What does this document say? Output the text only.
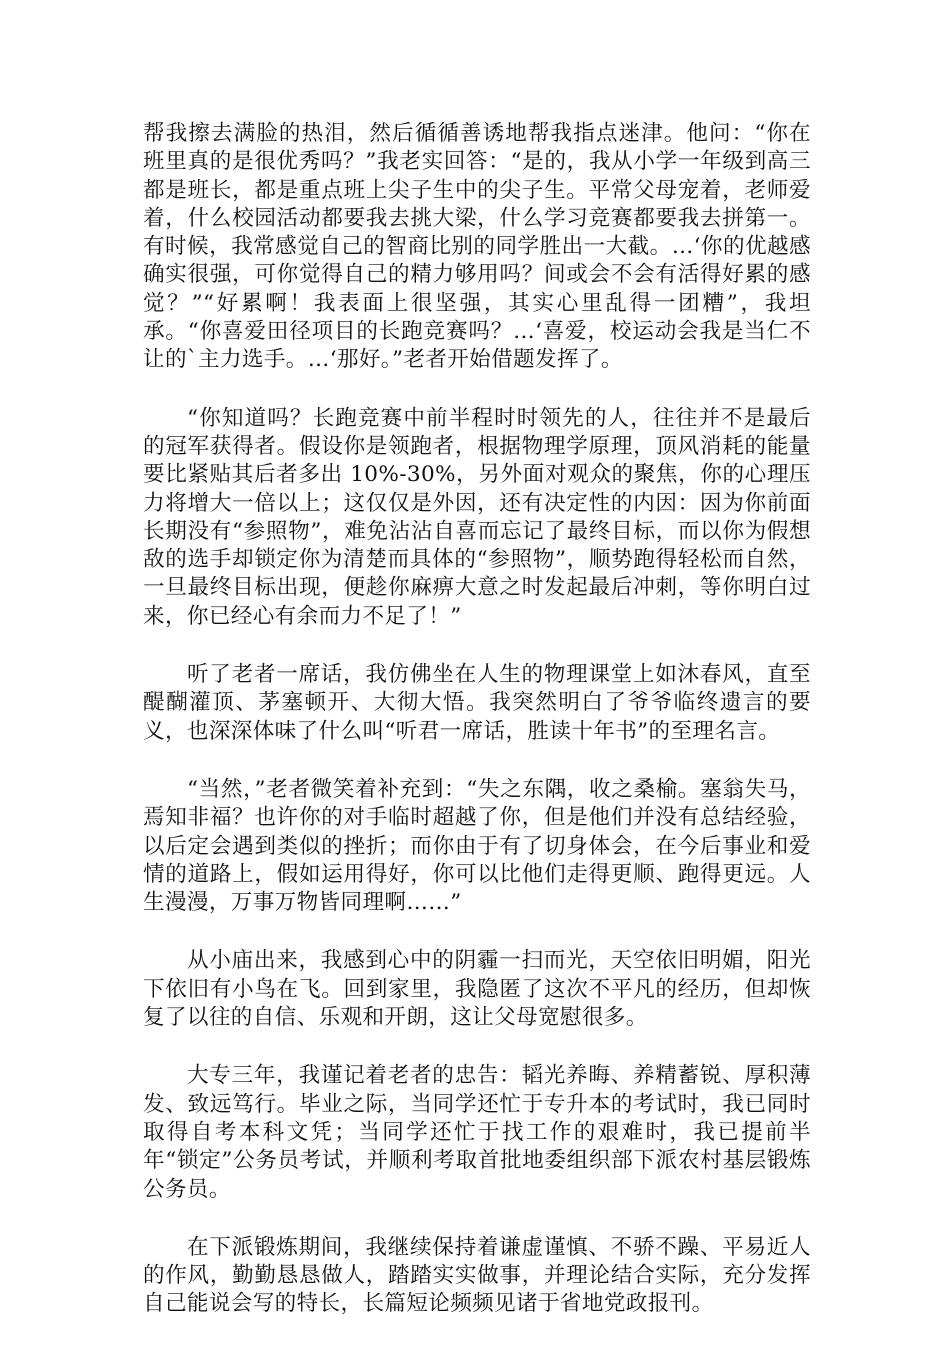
帮我擦去满脸的热泪，然后循循善诱地帮我指点迷津。他问：“你在班里真的是很优秀吗？”我老实回答：“是的，我从小学一年级到高三都是班长，都是重点班上尖子生中的尖子生。平常父母宠着，老师爱着，什么校园活动都要我去挑大梁，什么学习竞赛都要我去拼第一。有时候，我常感觉自己的智商比别的同学胜出一大截。…‘你的优越感确实很强，可你觉得自己的精力够用吗？间或会不会有活得好累的感觉？”“好累啊！我表面上很坚强，其实心里乱得一团糟”，我坦承。“你喜爱田径项目的长跑竞赛吗？…‘喜爱，校运动会我是当仁不让的`主力选手。…‘那好。”老者开始借题发挥了。

“你知道吗？长跑竞赛中前半程时时领先的人，往往并不是最后的冠军获得者。假设你是领跑者，根据物理学原理，顶风消耗的能量要比紧贴其后者多出 10%-30%，另外面对观众的聚焦，你的心理压力将增大一倍以上；这仅仅是外因，还有决定性的内因：因为你前面长期没有“参照物”，难免沾沾自喜而忘记了最终目标，而以你为假想敌的选手却锁定你为清楚而具体的“参照物”，顺势跑得轻松而自然，一旦最终目标出现，便趁你麻痹大意之时发起最后冲刺，等你明白过来，你已经心有余而力不足了！”

听了老者一席话，我仿佛坐在人生的物理课堂上如沐春风，直至醍醐灌顶、茅塞顿开、大彻大悟。我突然明白了爷爷临终遗言的要义，也深深体味了什么叫“听君一席话，胜读十年书”的至理名言。

“当然，”老者微笑着补充到：“失之东隅，收之桑榆。塞翁失马，焉知非福？也许你的对手临时超越了你，但是他们并没有总结经验，以后定会遇到类似的挫折；而你由于有了切身体会，在今后事业和爱情的道路上，假如运用得好，你可以比他们走得更顺、跑得更远。人生漫漫，万事万物皆同理啊……”

从小庙出来，我感到心中的阴霾一扫而光，天空依旧明媚，阳光下依旧有小鸟在飞。回到家里，我隐匿了这次不平凡的经历，但却恢复了以往的自信、乐观和开朗，这让父母宽慰很多。

大专三年，我谨记着老者的忠告：韬光养晦、养精蓄锐、厚积薄发、致远笃行。毕业之际，当同学还忙于专升本的考试时，我已同时取得自考本科文凭；当同学还忙于找工作的艰难时，我已提前半年“锁定”公务员考试，并顺利考取首批地委组织部下派农村基层锻炼公务员。

在下派锻炼期间，我继续保持着谦虚谨慎、不骄不躁、平易近人的作风，勤勤恳恳做人，踏踏实实做事，并理论结合实际，充分发挥自己能说会写的特长，长篇短论频频见诸于省地党政报刊。
